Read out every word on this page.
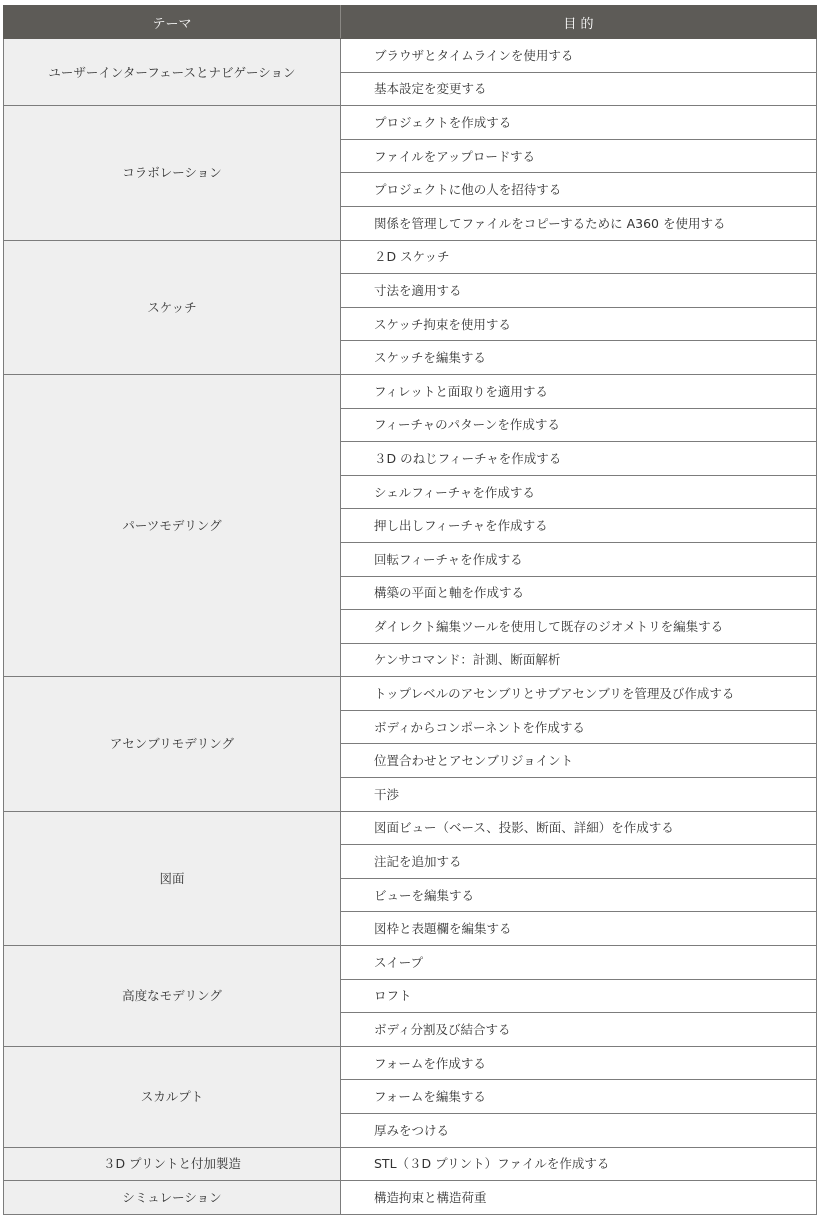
テーマ	目 的
ユーザーインターフェースとナビゲーション	ブラウザとタイムラインを使用する
	基本設定を変更する
コラボレーション	プロジェクトを作成する
	ファイルをアップロードする
	プロジェクトに他の人を招待する
	関係を管理してファイルをコピーするために A360 を使用する
スケッチ	２D スケッチ
	寸法を適用する
	スケッチ拘束を使用する
	スケッチを編集する
パーツモデリング	フィレットと面取りを適用する
	フィーチャのパターンを作成する
	３D のねじフィーチャを作成する
	シェルフィーチャを作成する
	押し出しフィーチャを作成する
	回転フィーチャを作成する
	構築の平面と軸を作成する
	ダイレクト編集ツールを使用して既存のジオメトリを編集する
	ケンサコマンド：計測、断面解析
アセンブリモデリング	トップレベルのアセンブリとサブアセンブリを管理及び作成する
	ボディからコンポーネントを作成する
	位置合わせとアセンブリジョイント
	干渉
図面	図面ビュー（ベース、投影、断面、詳細）を作成する
	注記を追加する
	ビューを編集する
	図枠と表題欄を編集する
高度なモデリング	スイープ
	ロフト
	ボディ分割及び結合する
スカルプト	フォームを作成する
	フォームを編集する
	厚みをつける
３D プリントと付加製造	STL（３D プリント）ファイルを作成する
シミュレーション	構造拘束と構造荷重
